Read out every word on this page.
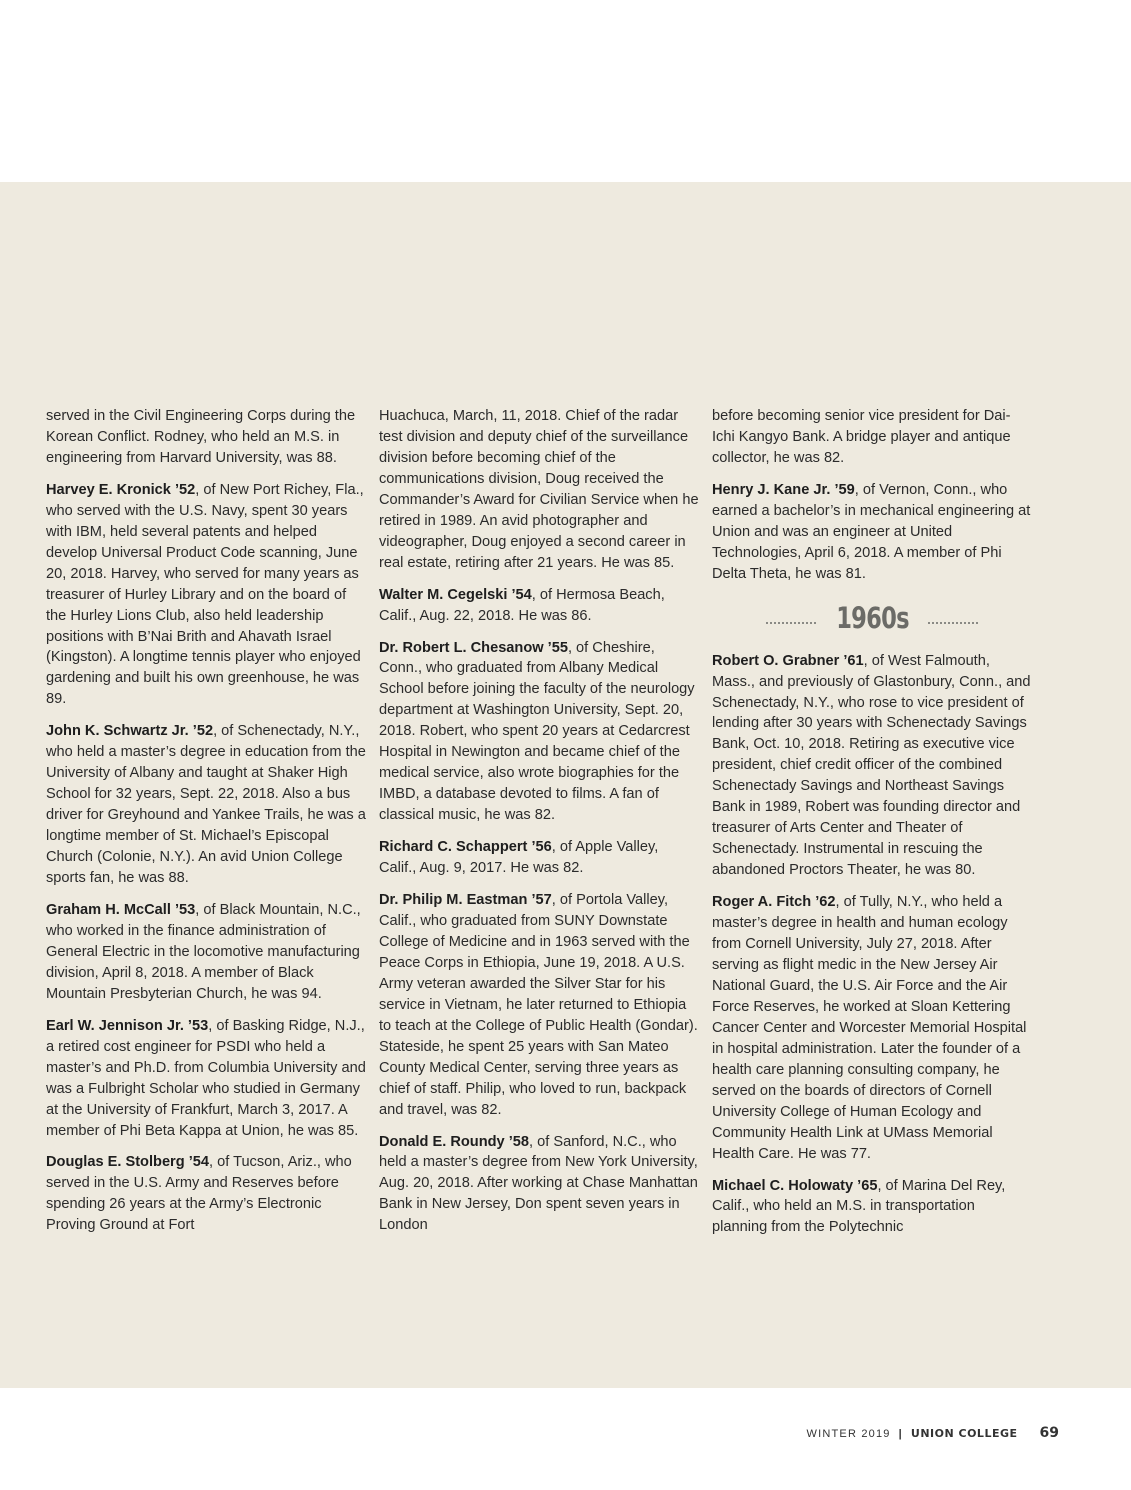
served in the Civil Engineering Corps during the Korean Conflict. Rodney, who held an M.S. in engineering from Harvard University, was 88.

Harvey E. Kronick ’52, of New Port Richey, Fla., who served with the U.S. Navy, spent 30 years with IBM, held several patents and helped develop Universal Product Code scanning, June 20, 2018. Harvey, who served for many years as treasurer of Hurley Library and on the board of the Hurley Lions Club, also held leadership positions with B’Nai Brith and Ahavath Israel (Kingston). A longtime tennis player who enjoyed gardening and built his own greenhouse, he was 89.

John K. Schwartz Jr. ’52, of Schenectady, N.Y., who held a master’s degree in education from the University of Albany and taught at Shaker High School for 32 years, Sept. 22, 2018. Also a bus driver for Greyhound and Yankee Trails, he was a longtime member of St. Michael’s Episcopal Church (Colonie, N.Y.). An avid Union College sports fan, he was 88.

Graham H. McCall ’53, of Black Mountain, N.C., who worked in the finance administration of General Electric in the locomotive manufacturing division, April 8, 2018. A member of Black Mountain Presbyterian Church, he was 94.

Earl W. Jennison Jr. ’53, of Basking Ridge, N.J., a retired cost engineer for PSDI who held a master’s and Ph.D. from Columbia University and was a Fulbright Scholar who studied in Germany at the University of Frankfurt, March 3, 2017. A member of Phi Beta Kappa at Union, he was 85.

Douglas E. Stolberg ’54, of Tucson, Ariz., who served in the U.S. Army and Reserves before spending 26 years at the Army’s Electronic Proving Ground at Fort

Huachuca, March, 11, 2018. Chief of the radar test division and deputy chief of the surveillance division before becoming chief of the communications division, Doug received the Commander’s Award for Civilian Service when he retired in 1989. An avid photographer and videographer, Doug enjoyed a second career in real estate, retiring after 21 years. He was 85.

Walter M. Cegelski ’54, of Hermosa Beach, Calif., Aug. 22, 2018. He was 86.

Dr. Robert L. Chesanow ’55, of Cheshire, Conn., who graduated from Albany Medical School before joining the faculty of the neurology department at Washington University, Sept. 20, 2018. Robert, who spent 20 years at Cedarcrest Hospital in Newington and became chief of the medical service, also wrote biographies for the IMBD, a database devoted to films. A fan of classical music, he was 82.

Richard C. Schappert ’56, of Apple Valley, Calif., Aug. 9, 2017. He was 82.

Dr. Philip M. Eastman ’57, of Portola Valley, Calif., who graduated from SUNY Downstate College of Medicine and in 1963 served with the Peace Corps in Ethiopia, June 19, 2018. A U.S. Army veteran awarded the Silver Star for his service in Vietnam, he later returned to Ethiopia to teach at the College of Public Health (Gondar). Stateside, he spent 25 years with San Mateo County Medical Center, serving three years as chief of staff. Philip, who loved to run, backpack and travel, was 82.

Donald E. Roundy ’58, of Sanford, N.C., who held a master’s degree from New York University, Aug. 20, 2018. After working at Chase Manhattan Bank in New Jersey, Don spent seven years in London

before becoming senior vice president for Dai-Ichi Kangyo Bank. A bridge player and antique collector, he was 82.

Henry J. Kane Jr. ’59, of Vernon, Conn., who earned a bachelor’s in mechanical engineering at Union and was an engineer at United Technologies, April 6, 2018. A member of Phi Delta Theta, he was 81.

1960s

Robert O. Grabner ’61, of West Falmouth, Mass., and previously of Glastonbury, Conn., and Schenectady, N.Y., who rose to vice president of lending after 30 years with Schenectady Savings Bank, Oct. 10, 2018. Retiring as executive vice president, chief credit officer of the combined Schenectady Savings and Northeast Savings Bank in 1989, Robert was founding director and treasurer of Arts Center and Theater of Schenectady. Instrumental in rescuing the abandoned Proctors Theater, he was 80.

Roger A. Fitch ’62, of Tully, N.Y., who held a master’s degree in health and human ecology from Cornell University, July 27, 2018. After serving as flight medic in the New Jersey Air National Guard, the U.S. Air Force and the Air Force Reserves, he worked at Sloan Kettering Cancer Center and Worcester Memorial Hospital in hospital administration. Later the founder of a health care planning consulting company, he served on the boards of directors of Cornell University College of Human Ecology and Community Health Link at UMass Memorial Health Care. He was 77.

Michael C. Holowaty ’65, of Marina Del Rey, Calif., who held an M.S. in transportation planning from the Polytechnic

WINTER 2019 | UNION COLLEGE 69
